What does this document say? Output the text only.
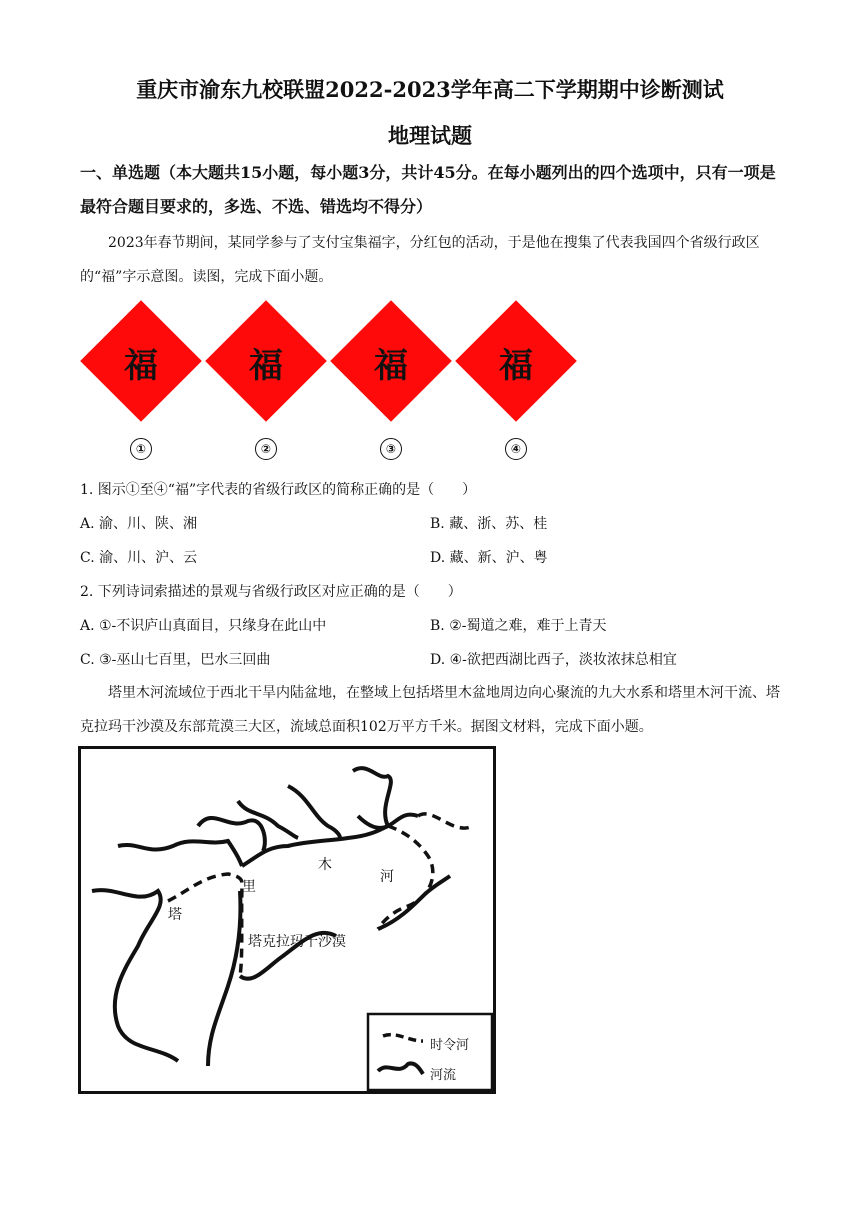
重庆市渝东九校联盟2022-2023学年高二下学期期中诊断测试
地理试题
一、单选题（本大题共15小题，每小题3分，共计45分。在每小题列出的四个选项中，只有一项是最符合题目要求的，多选、不选、错选均不得分）
2023年春节期间，某同学参与了支付宝集福字，分红包的活动，于是他在搜集了代表我国四个省级行政区的“福”字示意图。读图，完成下面小题。
福
①
福
②
福
③
福
④
1. 图示①至④“福”字代表的省级行政区的简称正确的是（　　）
A. 渝、川、陕、湘	B. 藏、浙、苏、桂
C. 渝、川、沪、云	D. 藏、新、沪、粤
2. 下列诗词索描述的景观与省级行政区对应正确的是（　　）
A. ①-不识庐山真面目，只缘身在此山中	B. ②-蜀道之难，难于上青天
C. ③-巫山七百里，巴水三回曲	D. ④-欲把西湖比西子，淡妆浓抹总相宜
塔里木河流域位于西北干旱内陆盆地，在整域上包括塔里木盆地周边向心聚流的九大水系和塔里木河干流、塔克拉玛干沙漠及东部荒漠三大区，流域总面积102万平方千米。据图文材料，完成下面小题。
塔
里
木
河
塔克拉玛干沙漠
时令河
河流
